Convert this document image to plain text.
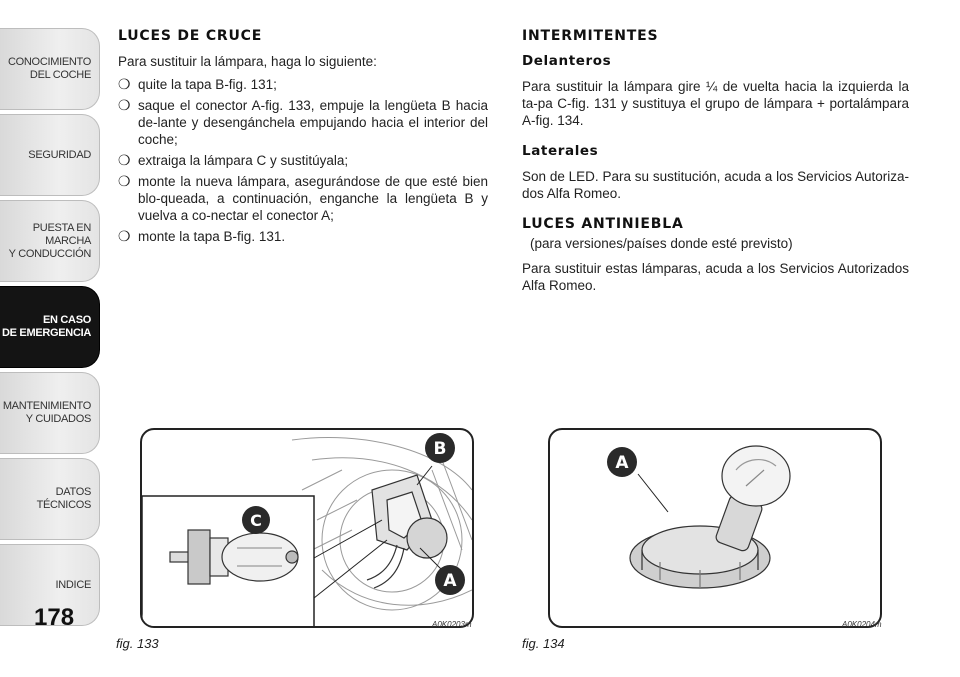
CONOCIMIENTO
DEL COCHE
SEGURIDAD
PUESTA EN MARCHA
Y CONDUCCIÓN
EN CASO
DE EMERGENCIA
MANTENIMIENTO
Y CUIDADOS
DATOS TÉCNICOS
INDICE
178
LUCES DE CRUCE

Para sustituir la lámpara, haga lo siguiente:

❍ quite la tapa B-fig. 131;
❍ saque el conector A-fig. 133, empuje la lengüeta B hacia de-lante y desengánchela empujando hacia el interior del coche;
❍ extraiga la lámpara C y sustitúyala;
❍ monte la nueva lámpara, asegurándose de que esté bien blo-queada, a continuación, enganche la lengüeta B y vuelva a co-nectar el conector A;
❍ monte la tapa B-fig. 131.
INTERMITENTES
Delanteros

Para sustituir la lámpara gire ¼ de vuelta hacia la izquierda la ta-pa C-fig. 131 y sustituya el grupo de lámpara + portalámpara A-fig. 134.

Laterales

Son de LED. Para su sustitución, acuda a los Servicios Autoriza-dos Alfa Romeo.

LUCES ANTINIEBLA

(para versiones/países donde esté previsto)

Para sustituir estas lámparas, acuda a los Servicios Autorizados Alfa Romeo.

B
C
A
fig. 133
A0K0203m
A
fig. 134
A0K0204m
